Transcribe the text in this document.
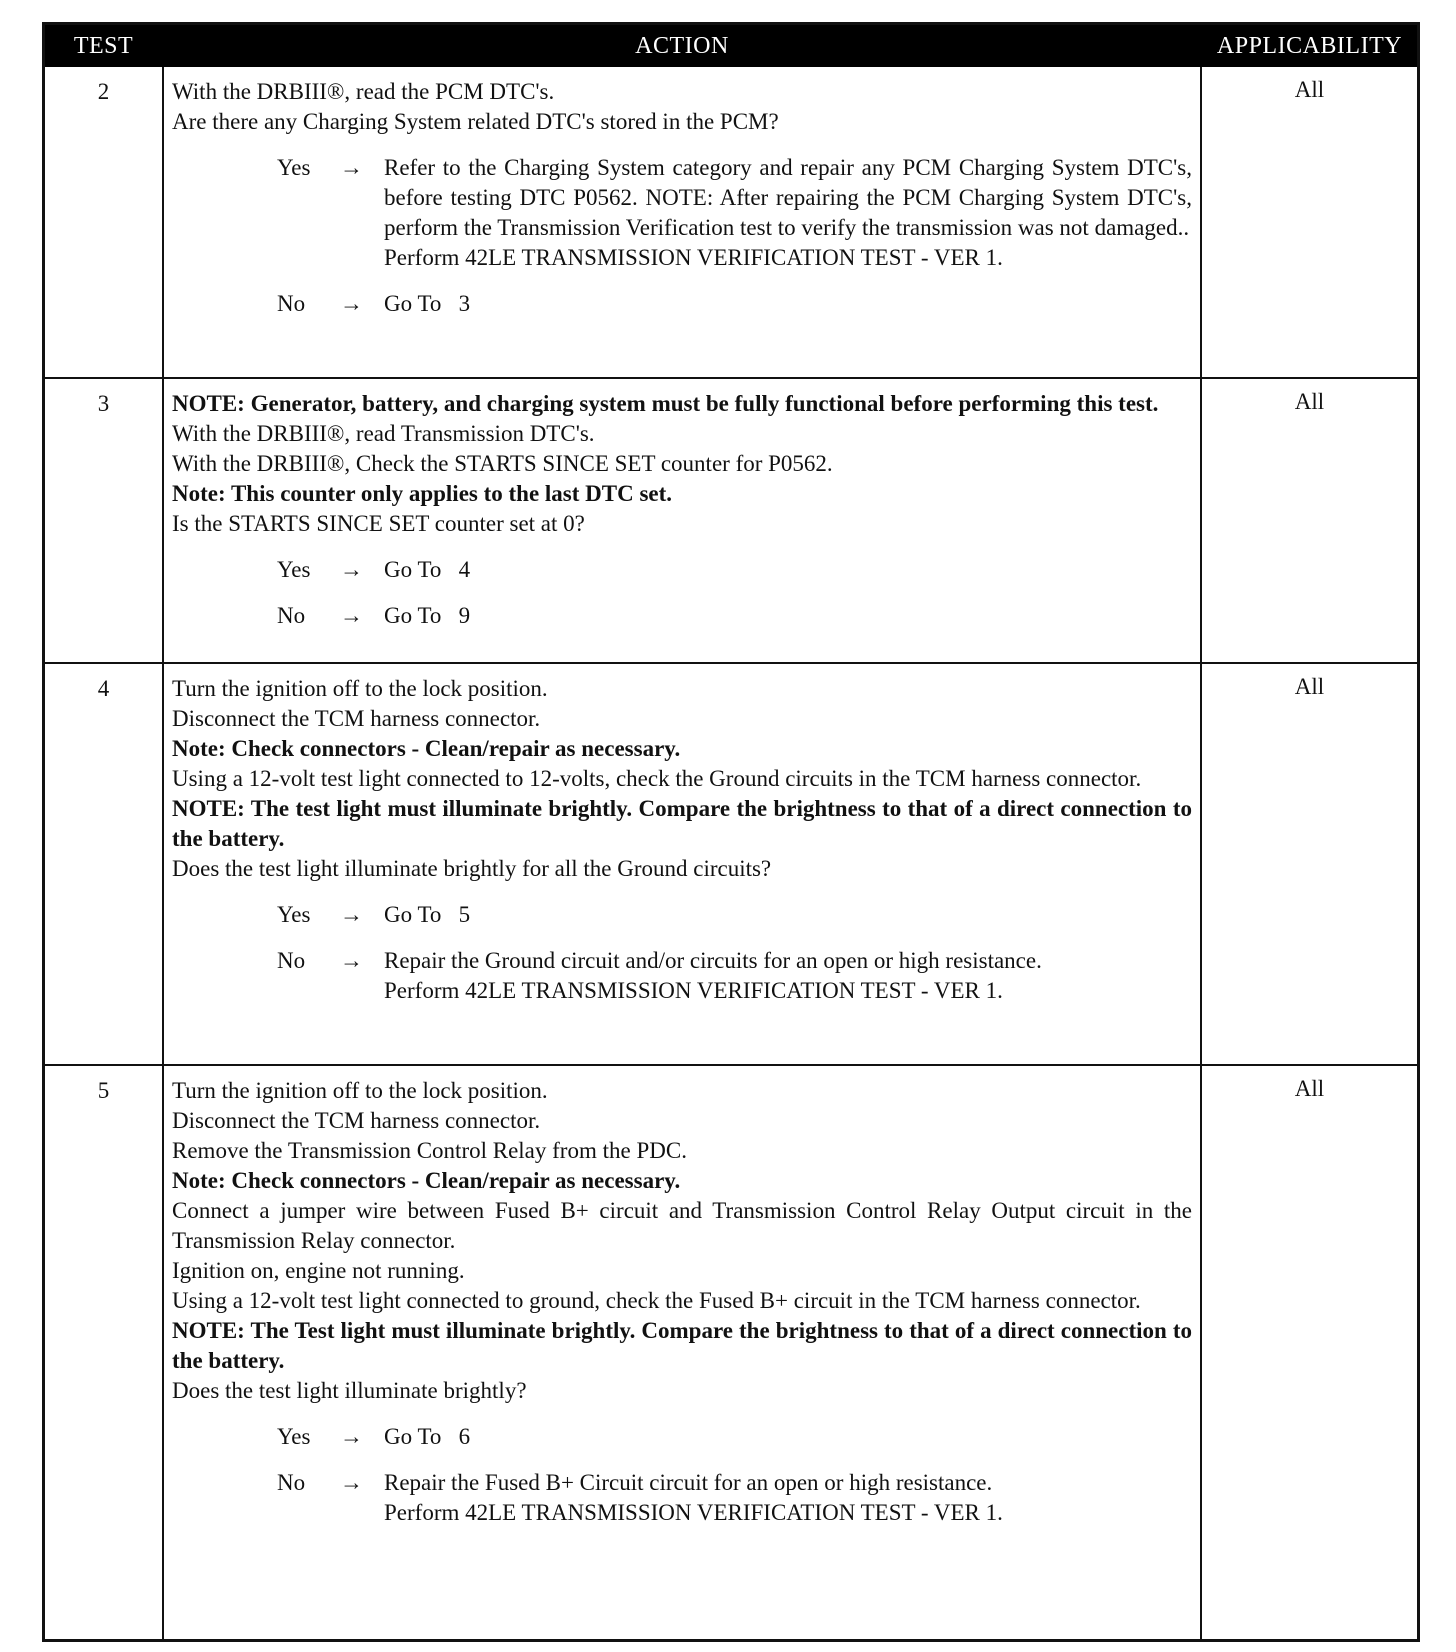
TEST	ACTION	APPLICABILITY
2	With the DRBIII®, read the PCM DTC's.
Are there any Charging System related DTC's stored in the PCM?
Yes	→ Refer to the Charging System category and repair any PCM Charging System DTC's, before testing DTC P0562. NOTE: After repairing the PCM Charging System DTC's, perform the Transmission Verification test to verify the transmission was not damaged..
Perform 42LE TRANSMISSION VERIFICATION TEST - VER 1.
No	→ Go To   3
All
3	NOTE: Generator, battery, and charging system must be fully functional before performing this test.
With the DRBIII®, read Transmission DTC's.
With the DRBIII®, Check the STARTS SINCE SET counter for P0562.
Note: This counter only applies to the last DTC set.
Is the STARTS SINCE SET counter set at 0?
Yes	→ Go To   4
No	→ Go To   9
All
4	Turn the ignition off to the lock position.
Disconnect the TCM harness connector.
Note: Check connectors - Clean/repair as necessary.
Using a 12-volt test light connected to 12-volts, check the Ground circuits in the TCM harness connector.
NOTE: The test light must illuminate brightly. Compare the brightness to that of a direct connection to the battery.
Does the test light illuminate brightly for all the Ground circuits?
Yes	→ Go To   5
No	→ Repair the Ground circuit and/or circuits for an open or high resistance.
Perform 42LE TRANSMISSION VERIFICATION TEST - VER 1.
All
5	Turn the ignition off to the lock position.
Disconnect the TCM harness connector.
Remove the Transmission Control Relay from the PDC.
Note: Check connectors - Clean/repair as necessary.
Connect a jumper wire between Fused B+ circuit and Transmission Control Relay Output circuit in the Transmission Relay connector.
Ignition on, engine not running.
Using a 12-volt test light connected to ground, check the Fused B+ circuit in the TCM harness connector.
NOTE: The Test light must illuminate brightly. Compare the brightness to that of a direct connection to the battery.
Does the test light illuminate brightly?
Yes	→ Go To   6
No	→ Repair the Fused B+ Circuit circuit for an open or high resistance.
Perform 42LE TRANSMISSION VERIFICATION TEST - VER 1.
All
